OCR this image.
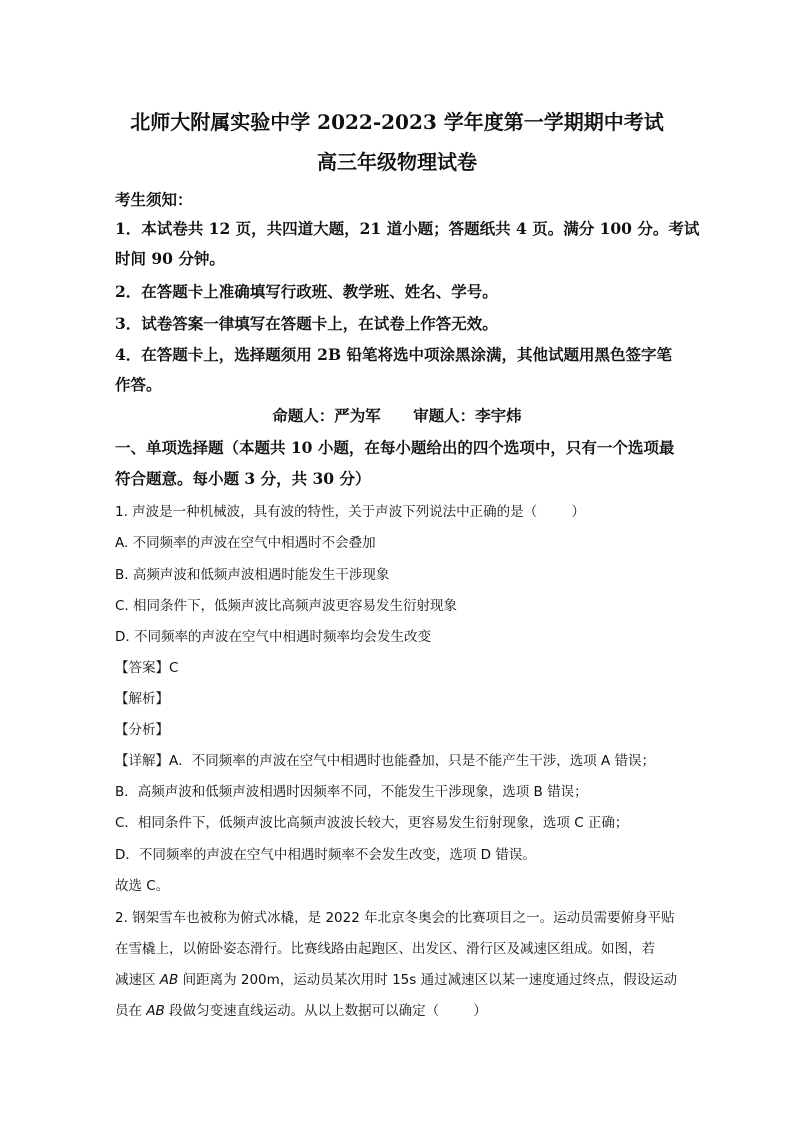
北师大附属实验中学 2022-2023 学年度第一学期期中考试
高三年级物理试卷
考生须知：
1．本试卷共 12 页，共四道大题，21 道小题；答题纸共 4 页。满分 100 分。考试
时间 90 分钟。
2．在答题卡上准确填写行政班、教学班、姓名、学号。
3．试卷答案一律填写在答题卡上，在试卷上作答无效。
4．在答题卡上，选择题须用 2B 铅笔将选中项涂黑涂满，其他试题用黑色签字笔
作答。
命题人：严为军      审题人：李宇炜
一、单项选择题（本题共 10 小题，在每小题给出的四个选项中，只有一个选项最
符合题意。每小题 3 分，共 30 分）
1. 声波是一种机械波，具有波的特性，关于声波下列说法中正确的是（        ）
A. 不同频率的声波在空气中相遇时不会叠加
B. 高频声波和低频声波相遇时能发生干涉现象
C. 相同条件下，低频声波比高频声波更容易发生衍射现象
D. 不同频率的声波在空气中相遇时频率均会发生改变
【答案】C
【解析】
【分析】
【详解】A．不同频率的声波在空气中相遇时也能叠加，只是不能产生干涉，选项 A 错误；
B．高频声波和低频声波相遇时因频率不同，不能发生干涉现象，选项 B 错误；
C．相同条件下，低频声波比高频声波波长较大，更容易发生衍射现象，选项 C 正确；
D．不同频率的声波在空气中相遇时频率不会发生改变，选项 D 错误。
故选 C。
2. 钢架雪车也被称为俯式冰橇，是 2022 年北京冬奥会的比赛项目之一。运动员需要俯身平贴
在雪橇上，以俯卧姿态滑行。比赛线路由起跑区、出发区、滑行区及减速区组成。如图，若
减速区 AB 间距离为 200m，运动员某次用时 15s 通过减速区以某一速度通过终点，假设运动
员在 AB 段做匀变速直线运动。从以上数据可以确定（        ）
